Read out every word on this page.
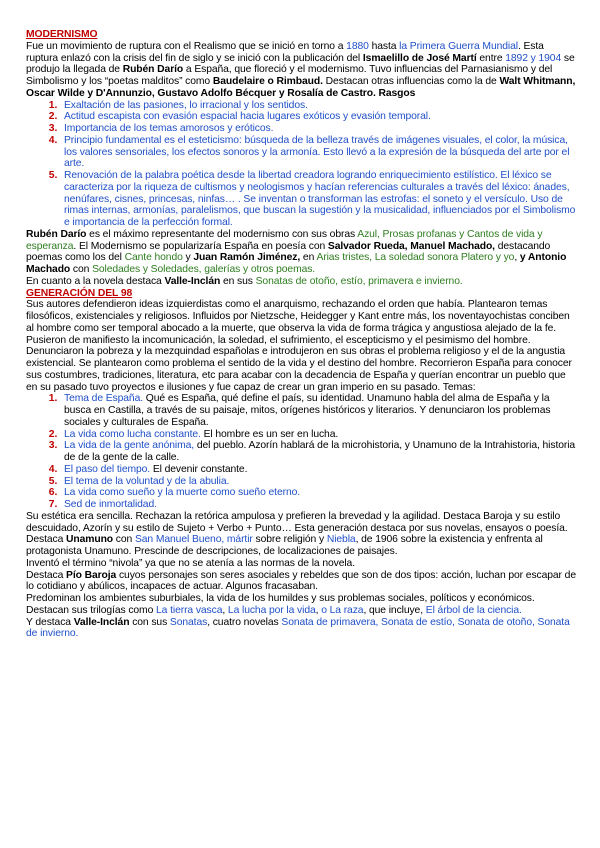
MODERNISMO

Fue un movimiento de ruptura con el Realismo que se inició en torno a 1880 hasta la Primera Guerra Mundial. Esta ruptura enlazó con la crisis del fin de siglo y se inició con la publicación del Ismaelillo de José Martí entre 1892 y 1904 se produjo la llegada de Rubén Darío a España, que floreció y el modernismo. Tuvo influencias del Parnasianismo y del Simbolismo y los “poetas malditos” como Baudelaire o Rimbaud. Destacan otras influencias como la de Walt Whitmann, Oscar Wilde y D'Annunzio, Gustavo Adolfo Bécquer y Rosalía de Castro. Rasgos

1. Exaltación de las pasiones, lo irracional y los sentidos.
2. Actitud escapista con evasión espacial hacia lugares exóticos y evasión temporal.
3. Importancia de los temas amorosos y eróticos.
4. Principio fundamental es el esteticismo: búsqueda de la belleza través de imágenes visuales, el color, la música, los valores sensoriales, los efectos sonoros y la armonía. Esto llevó a la expresión de la búsqueda del arte por el arte.
5. Renovación de la palabra poética desde la libertad creadora logrando enriquecimiento estilístico. El léxico se caracteriza por la riqueza de cultismos y neologismos y hacían referencias culturales a través del léxico: ánades, nenúfares, cisnes, princesas, ninfas… . Se inventan o transforman las estrofas: el soneto y el versículo. Uso de rimas internas, armonías, paralelismos, que buscan la sugestión y la musicalidad, influenciados por el Simbolismo e importancia de la perfección formal.

Rubén Darío es el máximo representante del modernismo con sus obras Azul, Prosas profanas y Cantos de vida y esperanza. El Modernismo se popularizaría España en poesía con Salvador Rueda, Manuel Machado, destacando poemas como los del Cante hondo y Juan Ramón Jiménez, en Arias tristes, La soledad sonora Platero y yo, y Antonio Machado con Soledades y Soledades, galerías y otros poemas.

En cuanto a la novela destaca Valle-Inclán en sus Sonatas de otoño, estío, primavera e invierno.

GENERACIÓN DEL 98

Sus autores defendieron ideas izquierdistas como el anarquismo, rechazando el orden que había. Plantearon temas filosóficos, existenciales y religiosos. Influidos por Nietzsche, Heidegger y Kant entre más, los noventayochistas conciben al hombre como ser temporal abocado a la muerte, que observa la vida de forma trágica y angustiosa alejado de la fe. Pusieron de manifiesto la incomunicación, la soledad, el sufrimiento, el escepticismo y el pesimismo del hombre. Denunciaron la pobreza y la mezquindad españolas e introdujeron en sus obras el problema religioso y el de la angustia existencial. Se plantearon como problema el sentido de la vida y el destino del hombre. Recorrieron España para conocer sus costumbres, tradiciones, literatura, etc para acabar con la decadencia de España y querían encontrar un pueblo que en su pasado tuvo proyectos e ilusiones y fue capaz de crear un gran imperio en su pasado. Temas:

1. Tema de España. Qué es España, qué define el país, su identidad. Unamuno habla del alma de España y la busca en Castilla, a través de su paisaje, mitos, orígenes históricos y literarios. Y denunciaron los problemas sociales y culturales de España.
2. La vida como lucha constante. El hombre es un ser en lucha.
3. La vida de la gente anónima, del pueblo. Azorín hablará de la microhistoria, y Unamuno de la Intrahistoria, historia de de la gente de la calle.
4. El paso del tiempo. El devenir constante.
5. El tema de la voluntad y de la abulia.
6. La vida como sueño y la muerte como sueño eterno.
7. Sed de inmortalidad.

Su estética era sencilla. Rechazan la retórica ampulosa y prefieren la brevedad y la agilidad. Destaca Baroja y su estilo descuidado, Azorín y su estilo de Sujeto + Verbo + Punto… Esta generación destaca por sus novelas, ensayos o poesía.

Destaca Unamuno con San Manuel Bueno, mártir sobre religión y Niebla, de 1906 sobre la existencia y enfrenta al protagonista Unamuno. Prescinde de descripciones, de localizaciones de paisajes.

Inventó el término “nivola” ya que no se atenía a las normas de la novela.

Destaca Pío Baroja cuyos personajes son seres asociales y rebeldes que son de dos tipos: acción, luchan por escapar de lo cotidiano y abúlicos, incapaces de actuar. Algunos fracasaban.

Predominan los ambientes suburbiales, la vida de los humildes y sus problemas sociales, políticos y económicos. Destacan sus trilogías como La tierra vasca, La lucha por la vida, o La raza, que incluye, El árbol de la ciencia.

Y destaca Valle-Inclán con sus Sonatas, cuatro novelas Sonata de primavera, Sonata de estío, Sonata de otoño, Sonata de invierno.
